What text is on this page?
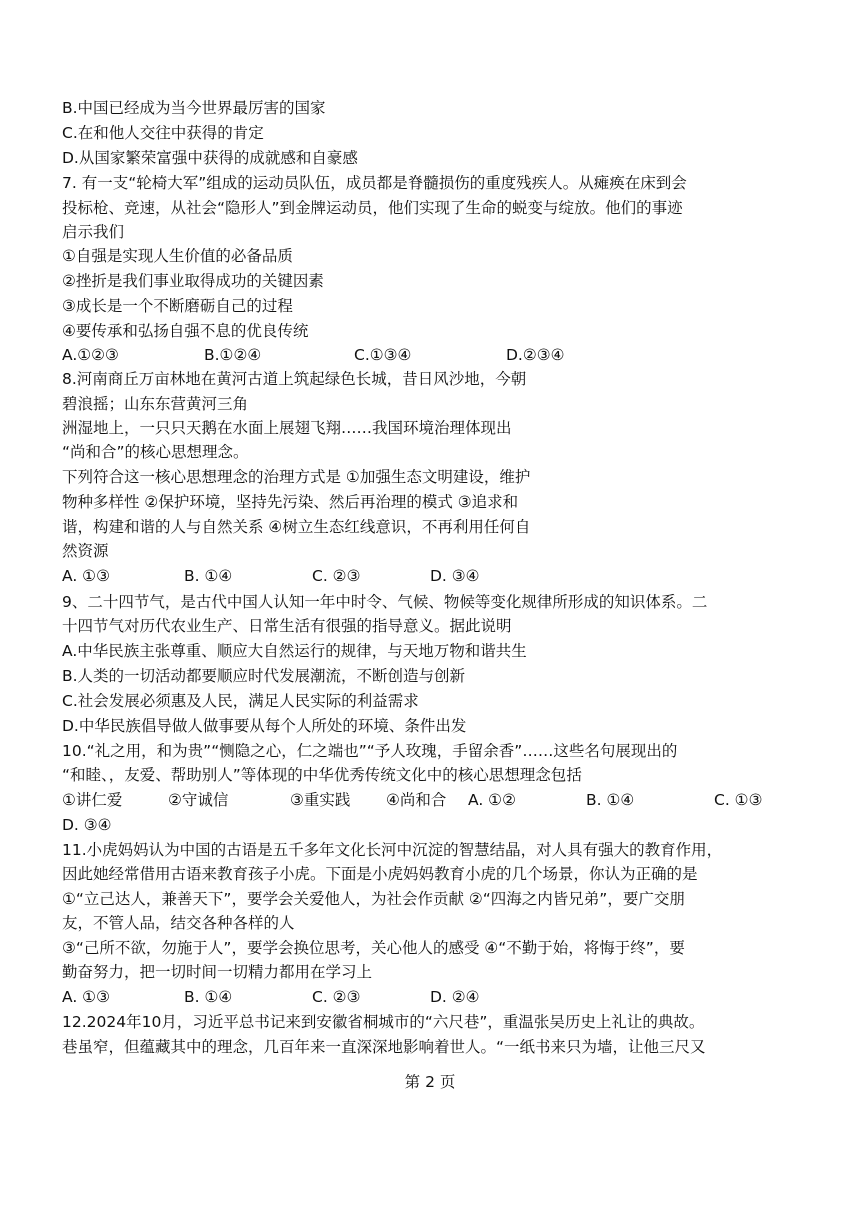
B.中国已经成为当今世界最厉害的国家
C.在和他人交往中获得的肯定
D.从国家繁荣富强中获得的成就感和自豪感
7. 有一支“轮椅大军”组成的运动员队伍，成员都是脊髓损伤的重度残疾人。从瘫痪在床到会
投标枪、竞速，从社会“隐形人”到金牌运动员，他们实现了生命的蜕变与绽放。他们的事迹
启示我们
①自强是实现人生价值的必备品质
②挫折是我们事业取得成功的关键因素
③成长是一个不断磨砺自己的过程
④要传承和弘扬自强不息的优良传统
A.①②③	B.①②④	C.①③④	D.②③④
8.河南商丘万亩林地在黄河古道上筑起绿色长城，昔日风沙地，今朝
碧浪摇；山东东营黄河三角
洲湿地上，一只只天鹅在水面上展翅飞翔……我国环境治理体现出
“尚和合”的核心思想理念。
下列符合这一核心思想理念的治理方式是 ①加强生态文明建设，维护
物种多样性 ②保护环境，坚持先污染、然后再治理的模式 ③追求和
谐，构建和谐的人与自然关系 ④树立生态红线意识，不再利用任何自
然资源
A. ①③	B. ①④	C. ②③	D. ③④
9、二十四节气，是古代中国人认知一年中时令、气候、物候等变化规律所形成的知识体系。二
十四节气对历代农业生产、日常生活有很强的指导意义。据此说明
A.中华民族主张尊重、顺应大自然运行的规律，与天地万物和谐共生
B.人类的一切活动都要顺应时代发展潮流，不断创造与创新
C.社会发展必须惠及人民，满足人民实际的利益需求
D.中华民族倡导做人做事要从每个人所处的环境、条件出发
10.“礼之用，和为贵”“恻隐之心，仁之端也”“予人玫瑰，手留余香”……这些名句展现出的
“和睦、，友爱、帮助别人”等体现的中华优秀传统文化中的核心思想理念包括
①讲仁爱	②守诚信	③重实践 ④尚和合 A. ①②	B. ①④	C. ①③
D. ③④
11.小虎妈妈认为中国的古语是五千多年文化长河中沉淀的智慧结晶，对人具有强大的教育作用，
因此她经常借用古语来教育孩子小虎。下面是小虎妈妈教育小虎的几个场景，你认为正确的是
①“立己达人，兼善天下”，要学会关爱他人，为社会作贡献 ②“四海之内皆兄弟”，要广交朋
友，不管人品，结交各种各样的人
③“己所不欲，勿施于人”，要学会换位思考，关心他人的感受 ④“不勤于始，将悔于终”，要
勤奋努力，把一切时间一切精力都用在学习上
A. ①③	B. ①④	C. ②③	D. ②④
12.2024年10月，习近平总书记来到安徽省桐城市的“六尺巷”，重温张吴历史上礼让的典故。
巷虽窄，但蕴藏其中的理念，几百年来一直深深地影响着世人。“一纸书来只为墙，让他三尺又
第 2 页
